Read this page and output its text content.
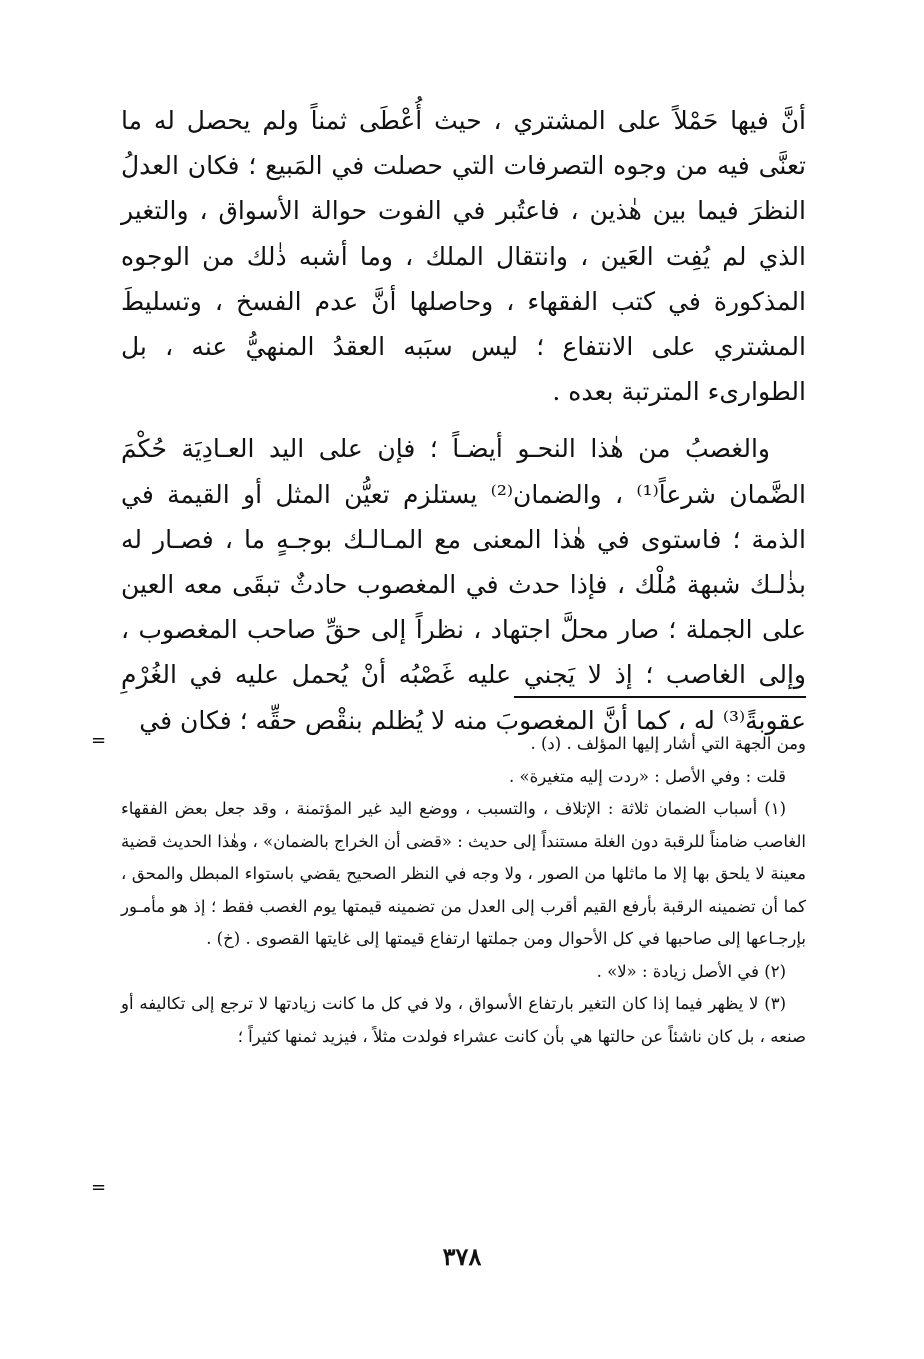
أنَّ فيها حَمْلاً على المشتري ، حيث أُعْطَى ثمناً ولم يحصل له ما تعنَّى فيه من وجوه التصرفات التي حصلت في المَبيع ؛ فكان العدلُ النظرَ فيما بين هٰذين ، فاعتُبر في الفوت حوالة الأسواق ، والتغير الذي لم يُفِت العَين ، وانتقال الملك ، وما أشبه ذٰلك من الوجوه المذكورة في كتب الفقهاء ، وحاصلها أنَّ عدم الفسخ ، وتسليطَ المشتري على الانتفاع ؛ ليس سبَبه العقدُ المنهيُّ عنه ، بل الطوارىء المترتبة بعده .

والغصبُ من هٰذا النحـو أيضـاً ؛ فإن على اليد العـادِيَة حُكْمَ الضَّمان شرعاً⁽¹⁾ ، والضمان⁽²⁾ يستلزم تعيُّن المثل أو القيمة في الذمة ؛ فاستوى في هٰذا المعنى مع المـالـك بوجـهٍ ما ، فصـار له بذٰلـك شبهة مُلْك ، فإذا حدث في المغصوب حادثٌ تبقَى معه العين على الجملة ؛ صار محلَّ اجتهاد ، نظراً إلى حقِّ صاحب المغصوب ، وإلى الغاصب ؛ إذ لا يَجني عليه غَصْبُه أنْ يُحمل عليه في الغُرْمِ عقوبةً⁽³⁾ له ، كما أنَّ المغصوبَ منه لا يُظلم بنقْص حقِّه ؛ فكان في

=	ومن الجهة التي أشار إليها المؤلف . (د) .

قلت : وفي الأصل : «ردت إليه متغيرة» .

(١) أسباب الضمان ثلاثة : الإتلاف ، والتسبب ، ووضع اليد غير المؤتمنة ، وقد جعل بعض الفقهاء الغاصب ضامناً للرقبة دون الغلة مستنداً إلى حديث : «قضى أن الخراج بالضمان» ، وهٰذا الحديث قضية معينة لا يلحق بها إلا ما ماثلها من الصور ، ولا وجه في النظر الصحيح يقضي باستواء المبطل والمحق ، كما أن تضمينه الرقبة بأرفع القيم أقرب إلى العدل من تضمينه قيمتها يوم الغصب فقط ؛ إذ هو مأمـور بإرجـاعها إلى صاحبها في كل الأحوال ومن جملتها ارتفاع قيمتها إلى غايتها القصوى . (خ) .

(٢) في الأصل زيادة : «لا» .

(٣) لا يظهر فيما إذا كان التغير بارتفاع الأسواق ، ولا في كل ما كانت زيادتها لا ترجع إلى تكاليفه أو صنعه ، بل كان ناشئاً عن حالتها هي بأن كانت عشراء فولدت مثلاً ، فيزيد ثمنها كثيراً ؛

=
٣٧٨
